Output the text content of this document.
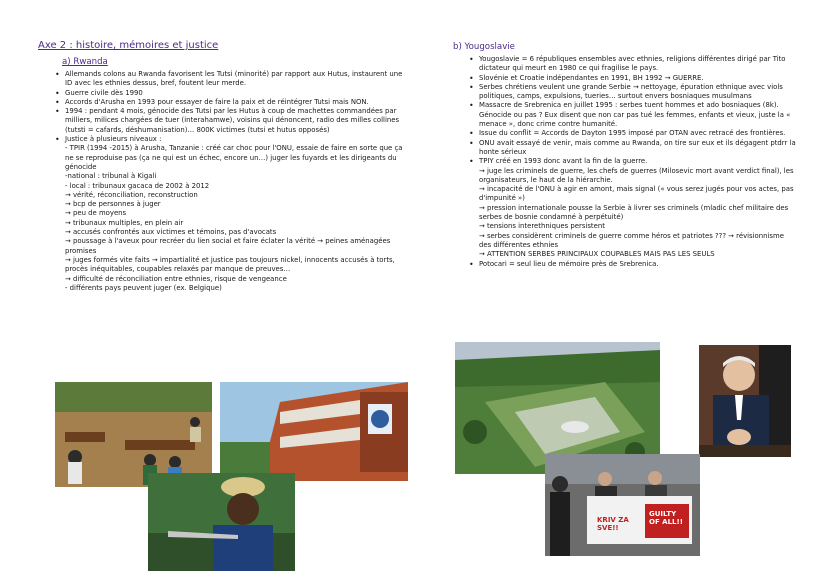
Axe 2 : histoire, mémoires et justice
a) Rwanda
• Allemands colons au Rwanda favorisent les Tutsi (minorité) par rapport aux Hutus, instaurent une ID avec les ethnies dessus, bref, foutent leur merde.
• Guerre civile dès 1990
• Accords d'Arusha en 1993 pour essayer de faire la paix et de réintégrer Tutsi mais NON.
• 1994 : pendant 4 mois, génocide des Tutsi par les Hutus à coup de machettes commandées par milliers, milices chargées de tuer (interahamwe), voisins qui dénoncent, radio des milles collines (tutsti = cafards, déshumanisation)… 800K victimes (tutsi et hutus opposés)
• Justice à plusieurs niveaux :
- TPIR (1994 -2015) à Arusha, Tanzanie : créé car choc pour l'ONU, essaie de faire en sorte que ça ne se reproduise pas (ça ne qui est un échec, encore un…) juger les fuyards et les dirigeants du génocide
-national : tribunal à Kigali
- local : tribunaux gacaca de 2002 à 2012
→ vérité, réconciliation, reconstruction
→ bcp de personnes à juger
→ peu de moyens
→ tribunaux multiples, en plein air
→ accusés confrontés aux victimes et témoins, pas d'avocats
→ poussage à l'aveux pour recréer du lien social et faire éclater la vérité → peines aménagées promises
→ juges formés vite faits → impartialité et justice pas toujours nickel, innocents accusés à torts, procès inéquitables, coupables relaxés par manque de preuves…
→ difficulté de réconciliation entre ethnies, risque de vengeance
- différents pays peuvent juger (ex. Belgique)
b) Yougoslavie
• Yougoslavie = 6 républiques ensembles avec ethnies, religions différentes dirigé par Tito dictateur qui meurt en 1980 ce qui fragilise le pays.
• Slovénie et Croatie indépendantes en 1991, BH 1992 → GUERRE.
• Serbes chrétiens veulent une grande Serbie → nettoyage, épuration ethnique avec viols politiques, camps, expulsions, tueries… surtout envers bosniaques musulmans
• Massacre de Srebrenica en juillet 1995 : serbes tuent hommes et ado bosniaques (8k). Génocide ou pas ? Eux disent que non car pas tué les femmes, enfants et vieux, juste la « menace », donc crime contre humanité.
• Issue du conflit = Accords de Dayton 1995 imposé par OTAN avec retracé des frontières.
• ONU avait essayé de venir, mais comme au Rwanda, on tire sur eux et ils dégagent ptdrr la honte sérieux
• TPIY créé en 1993 donc avant la fin de la guerre.
→ juge les criminels de guerre, les chefs de guerres (Milosevic mort avant verdict final), les organisateurs, le haut de la hiérarchie.
→ incapacité de l'ONU à agir en amont, mais signal (« vous serez jugés pour vos actes, pas d'impunité »)
→ pression internationale pousse la Serbie à livrer ses criminels (mladic chef militaire des serbes de bosnie condamné à perpétuité)
→ tensions interethniques persistent
→ serbes considèrent criminels de guerre comme héros et patriotes ??? → révisionnisme des différentes ethnies
→ ATTENTION SERBES PRINCIPAUX COUPABLES MAIS PAS LES SEULS
• Potocari = seul lieu de mémoire près de Srebrenica.
KRIV ZA SVE!!
GUILTY OF ALL!!
